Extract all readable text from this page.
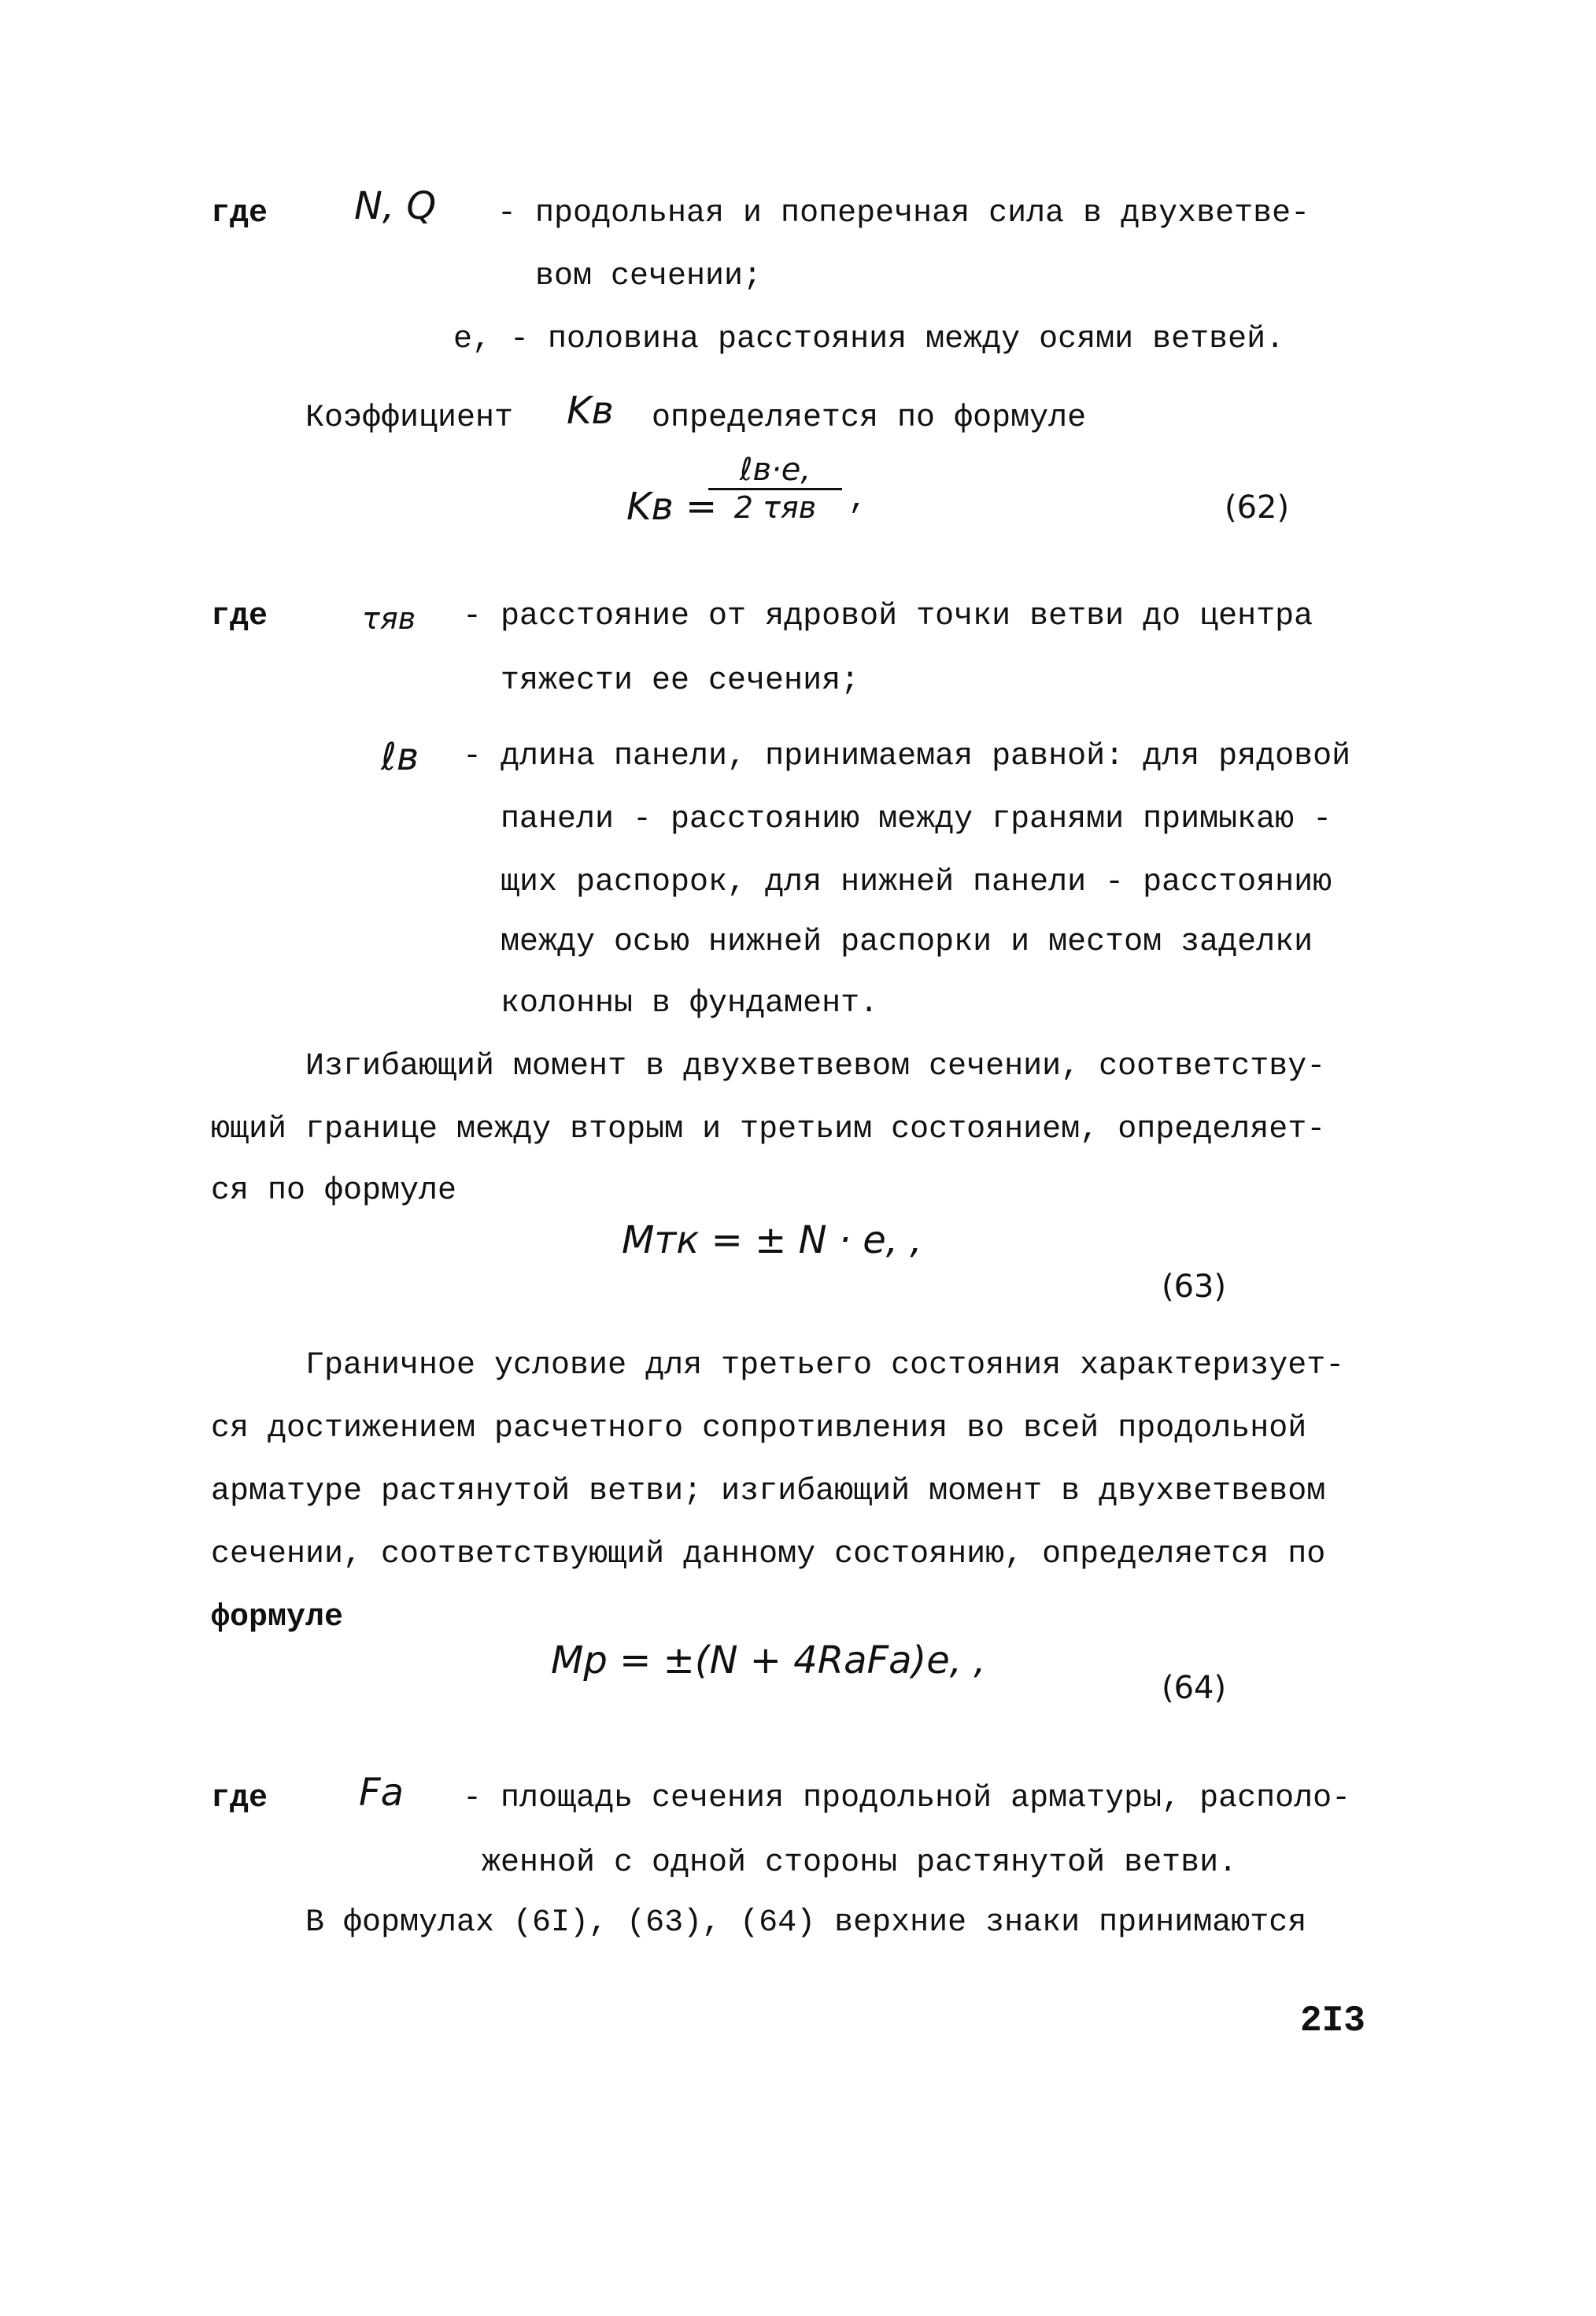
где N, Q - продольная и поперечная сила в двухветве-
вом сечении;
e, - половина расстояния между осями ветвей.
Коэффициент Kв определяется по формуле
Kв =
ℓв·e,
2 τяв	,	(62)
где	τяв - расстояние от ядровой точки ветви до центра
тяжести ее сечения;
ℓв - длина панели, принимаемая равной: для рядовой
панели - расстоянию между гранями примыкаю -
щих распорок, для нижней панели - расстоянию
между осью нижней распорки и местом заделки
колонны в фундамент.
Изгибающий момент в двухветвевом сечении, соответству-
ющий границе между вторым и третьим состоянием, определяет-
ся по формуле
Mтк = ± N · e, ,
(63)
Граничное условие для третьего состояния характеризует-
ся достижением расчетного сопротивления во всей продольной
арматуре растянутой ветви; изгибающий момент в двухветвевом
сечении, соответствующий данному состоянию, определяется по
формуле
Mp = ±(N + 4RaFa)e, ,
(64)
где Fa - площадь сечения продольной арматуры, располо-
женной с одной стороны растянутой ветви.
В формулах (6I), (63), (64) верхние знаки принимаются
2I3
